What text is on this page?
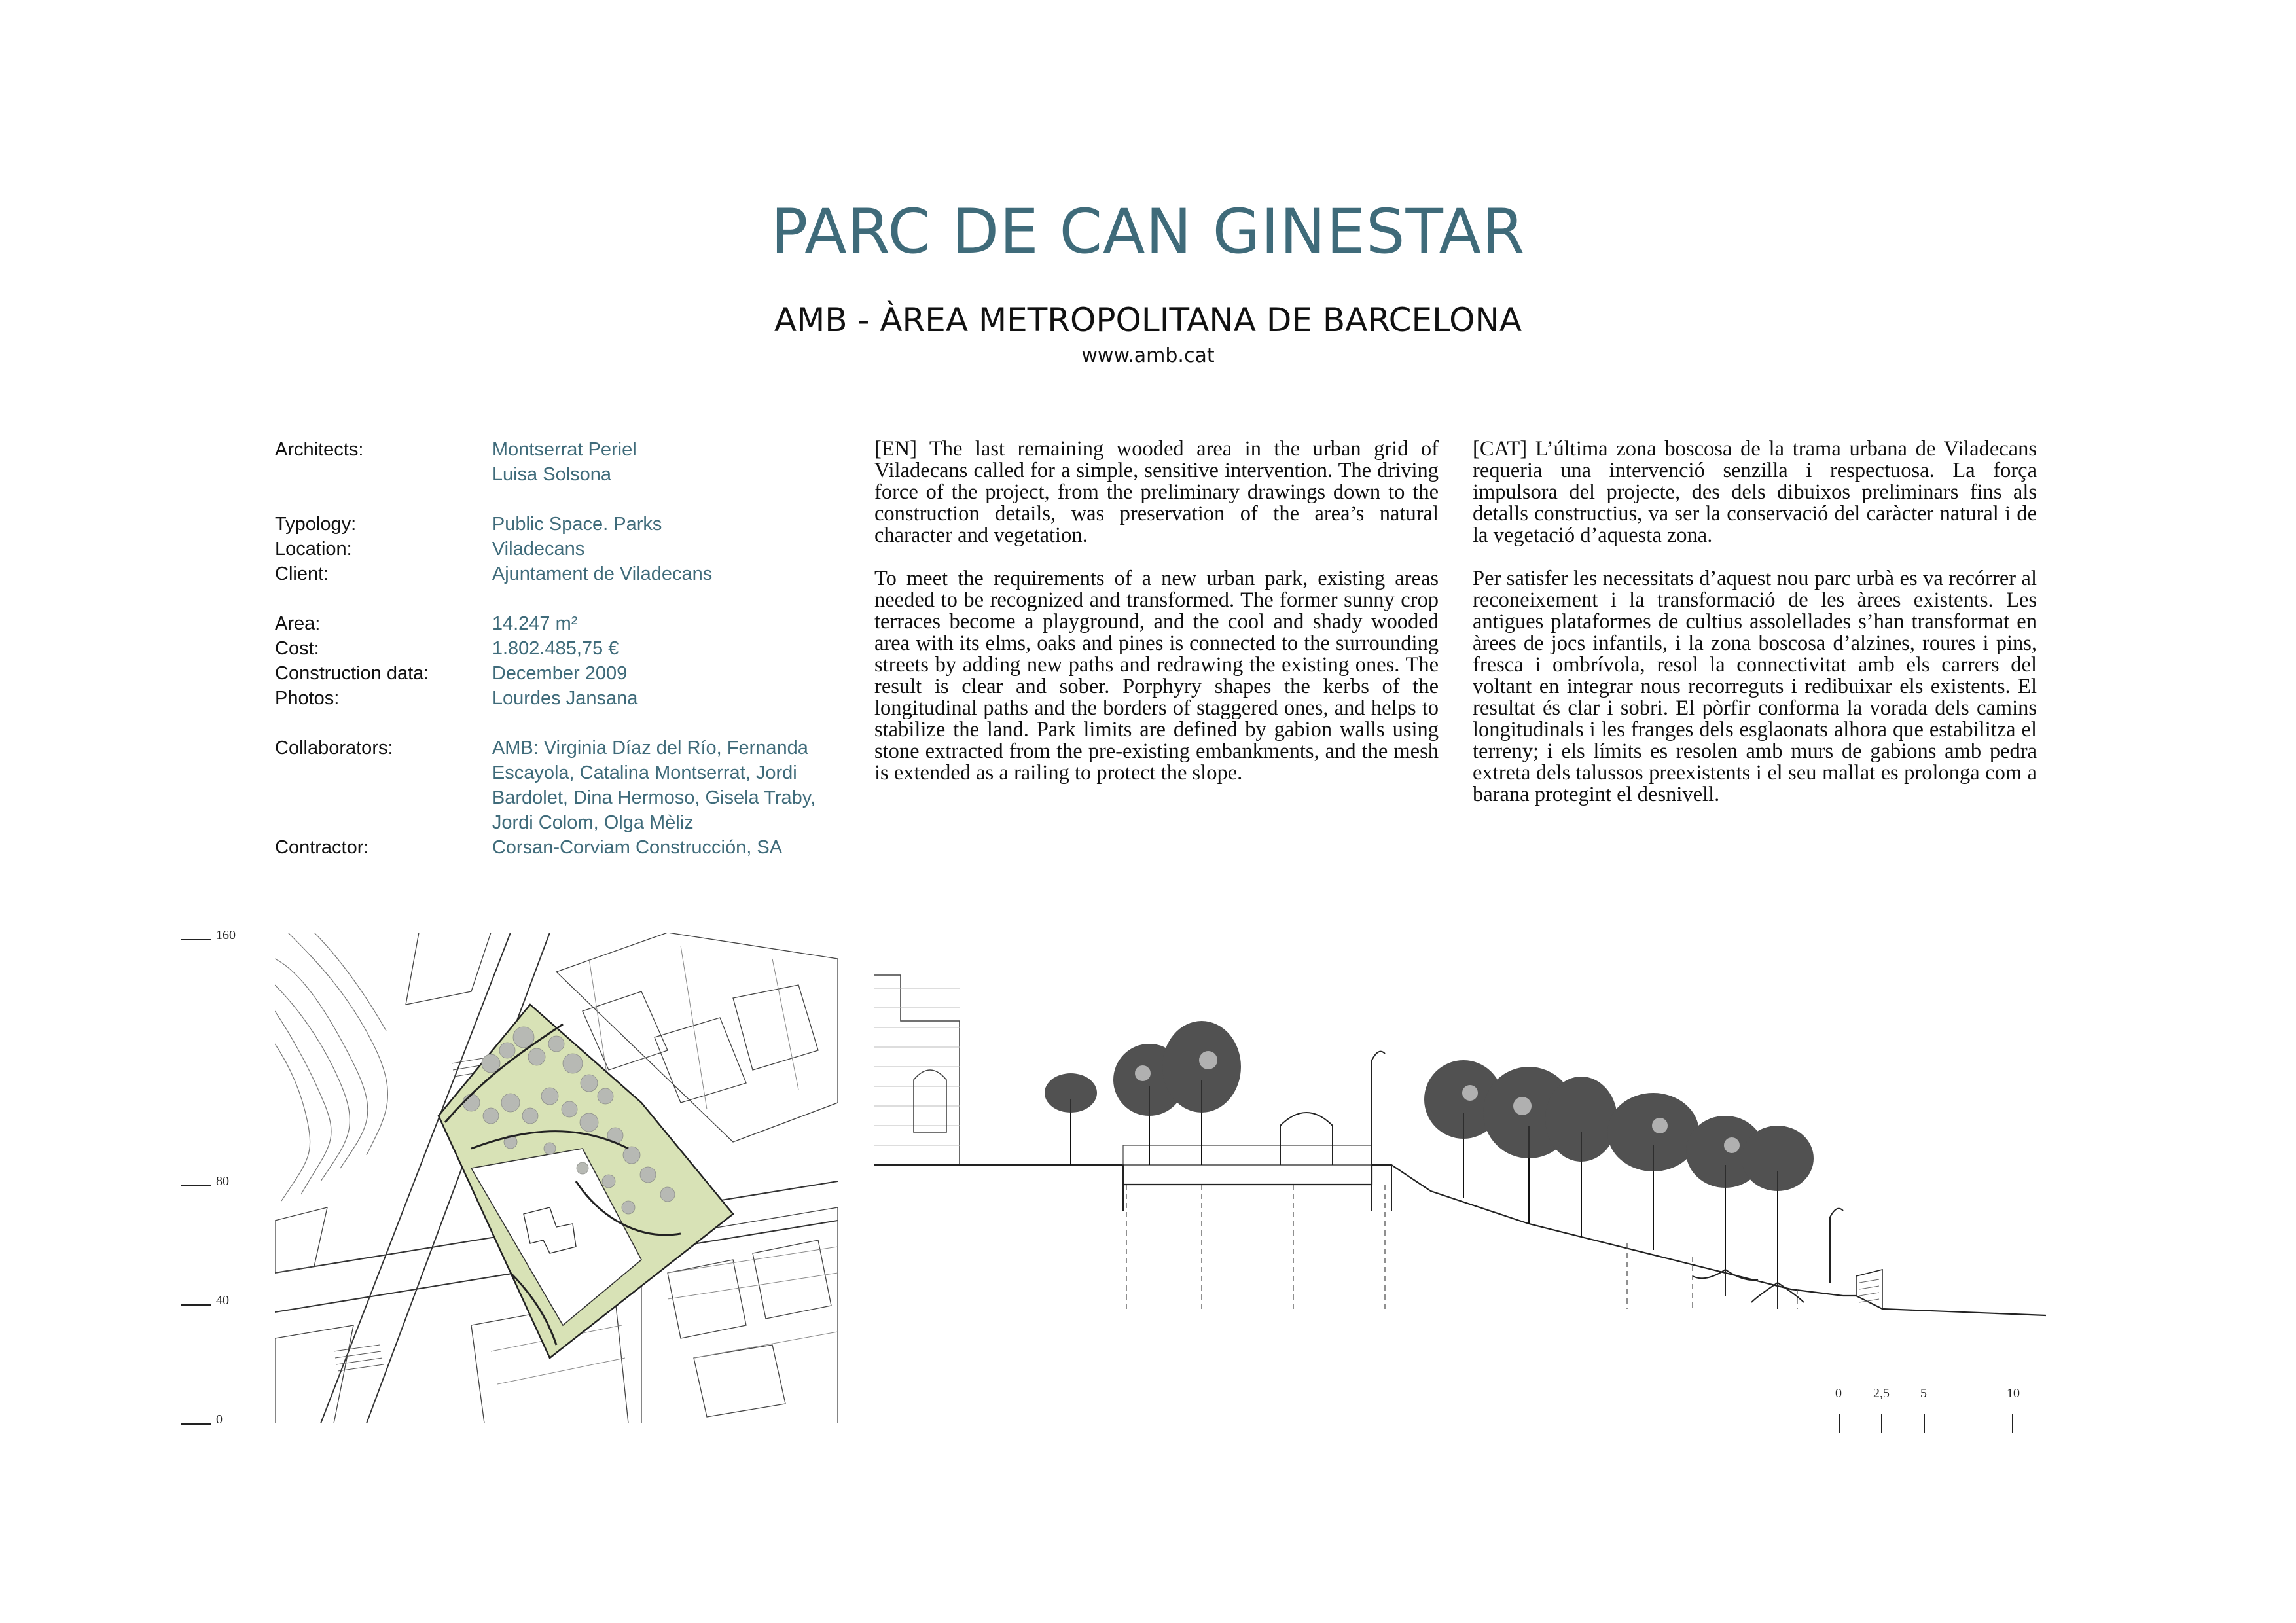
PARC DE CAN GINESTAR
AMB - ÀREA METROPOLITANA DE BARCELONA
www.amb.cat
Architects:	Montserrat Periel
Luisa Solsona
Typology:	Public Space. Parks
Location:	Viladecans
Client:	Ajuntament de Viladecans
Area:	14.247 m²
Cost:	1.802.485,75 €
Construction data:	December 2009
Photos:	Lourdes Jansana
Collaborators:	AMB: Virginia Díaz del Río, Fernanda
Escayola, Catalina Montserrat, Jordi
Bardolet, Dina Hermoso, Gisela Traby,
Jordi Colom, Olga Mèliz
Contractor:	Corsan-Corviam Construcción, SA

[EN] The last remaining wooded area in the urban grid of Viladecans called for a simple, sensitive intervention. The driving force of the project, from the preliminary drawings down to the construction details, was preservation of the area’s natural character and vegetation.

To meet the requirements of a new urban park, existing areas needed to be recognized and transformed. The former sunny crop terraces become a playground, and the cool and shady wooded area with its elms, oaks and pines is connected to the surrounding streets by adding new paths and redrawing the existing ones. The result is clear and sober. Porphyry shapes the kerbs of the longitudinal paths and the borders of staggered ones, and helps to stabilize the land. Park limits are defined by gabion walls using stone extracted from the pre-existing embankments, and the mesh is extended as a railing to protect the slope.

[CAT] L’última zona boscosa de la trama urbana de Viladecans requeria una intervenció senzilla i respectuosa. La força impulsora del projecte, des dels dibuixos preliminars fins als detalls constructius, va ser la conservació del caràcter natural i de la vegetació d’aquesta zona.

Per satisfer les necessitats d’aquest nou parc urbà es va recórrer al reconeixement i la transformació de les àrees existents. Les antigues plataformes de cultius assolellades s’han transformat en àrees de jocs infantils, i la zona boscosa d’alzines, roures i pins, fresca i ombrívola, resol la connectivitat amb els carrers del voltant en integrar nous recorreguts i redibuixar els existents. El resultat és clar i sobri. El pòrfir conforma la vorada dels camins longitudinals i les franges dels esglaonats alhora que estabilitza el terreny; i els límits es resolen amb murs de gabions amb pedra extreta dels talussos preexistents i el seu mallat es prolonga com a barana protegint el desnivell.

160
80
40
0
0 2,5 5	10
